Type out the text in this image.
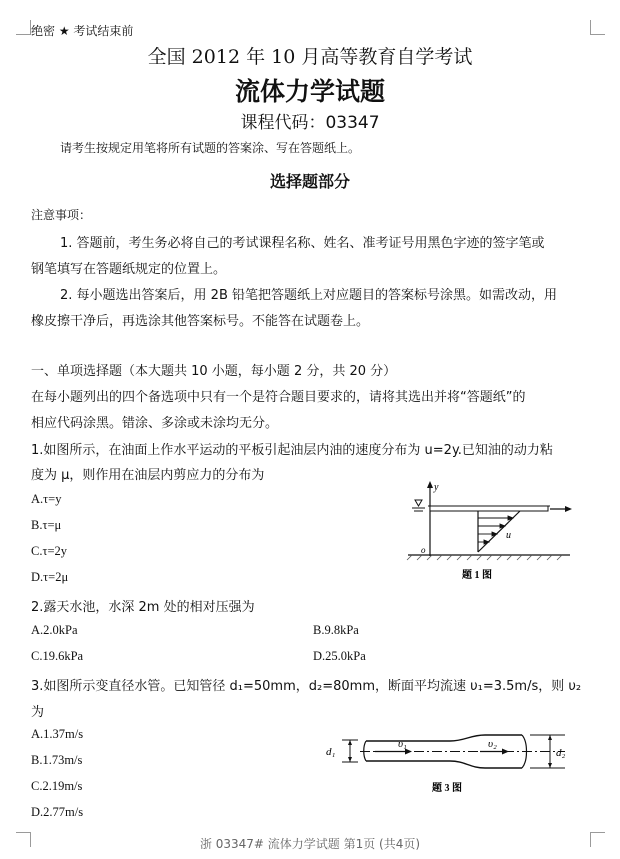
绝密 ★ 考试结束前
全国 2012 年 10 月高等教育自学考试
流体力学试题
课程代码：03347
请考生按规定用笔将所有试题的答案涂、写在答题纸上。
选择题部分
注意事项：
1. 答题前，考生务必将自己的考试课程名称、姓名、准考证号用黑色字迹的签字笔或
钢笔填写在答题纸规定的位置上。
2. 每小题选出答案后，用 2B 铅笔把答题纸上对应题目的答案标号涂黑。如需改动，用
橡皮擦干净后，再选涂其他答案标号。不能答在试题卷上。
一、单项选择题（本大题共 10 小题，每小题 2 分，共 20 分）
在每小题列出的四个备选项中只有一个是符合题目要求的，请将其选出并将“答题纸”的
相应代码涂黑。错涂、多涂或未涂均无分。
1.如图所示，在油面上作水平运动的平板引起油层内油的速度分布为 u=2y.已知油的动力粘
度为 μ，则作用在油层内剪应力的分布为
A.τ=y
B.τ=μ
C.τ=2y
D.τ=2μ
y
u
o
题 1 图
2.露天水池，水深 2m 处的相对压强为
A.2.0kPa	B.9.8kPa
C.19.6kPa	D.25.0kPa
3.如图所示变直径水管。已知管径 d₁=50mm，d₂=80mm，断面平均流速 υ₁=3.5m/s，则 υ₂
为
A.1.37m/s
B.1.73m/s
C.2.19m/s
D.2.77m/s
d₁
υ₁	υ₂
d₂
题 3 图
浙 03347# 流体力学试题 第1页 (共4页)
